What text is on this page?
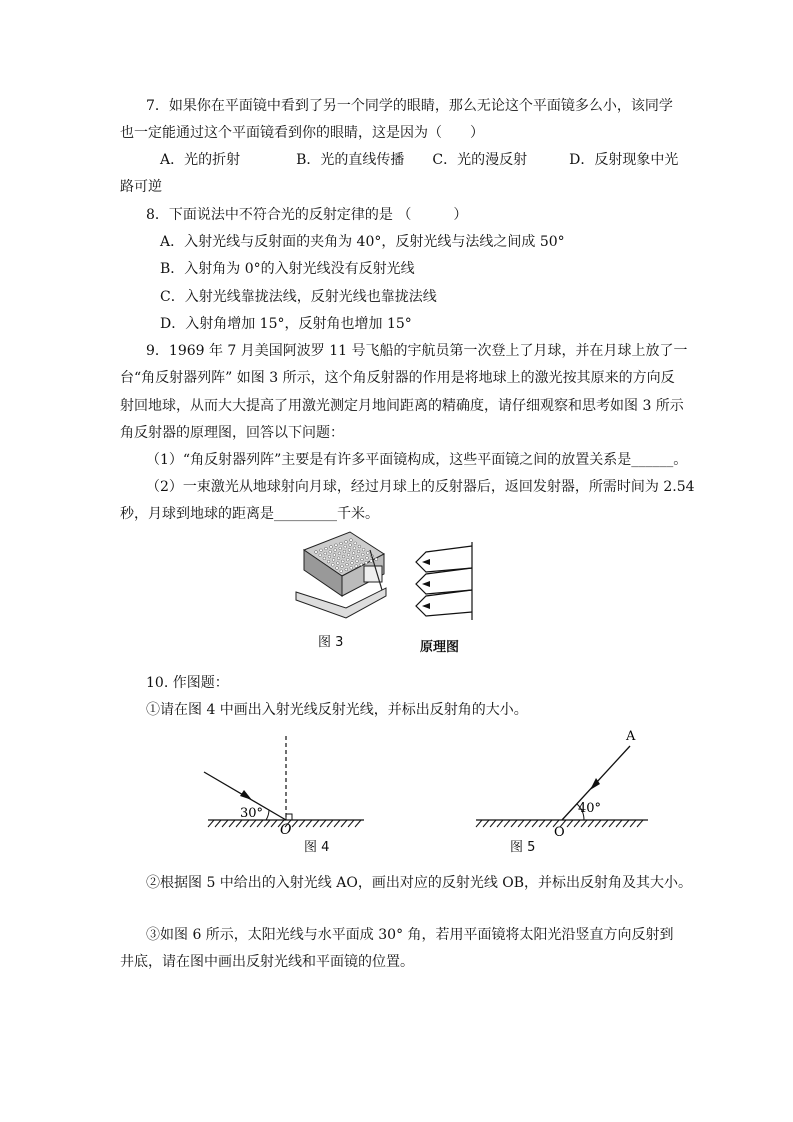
7．如果你在平面镜中看到了另一个同学的眼睛，那么无论这个平面镜多么小，该同学
也一定能通过这个平面镜看到你的眼睛，这是因为（　　）
A．光的折射　　　　B．光的直线传播　　C．光的漫反射　　　D．反射现象中光
路可逆
8．下面说法中不符合光的反射定律的是 （　　　）
A．入射光线与反射面的夹角为 40°，反射光线与法线之间成 50°
B．入射角为 0°的入射光线没有反射光线
C．入射光线靠拢法线，反射光线也靠拢法线
D．入射角增加 15°，反射角也增加 15°
9．1969 年 7 月美国阿波罗 11 号飞船的宇航员第一次登上了月球，并在月球上放了一
台“角反射器列阵” 如图 3 所示，这个角反射器的作用是将地球上的激光按其原来的方向反
射回地球，从而大大提高了用激光测定月地间距离的精确度，请仔细观察和思考如图 3 所示
角反射器的原理图，回答以下问题：
（1）“角反射器列阵”主要是有许多平面镜构成，这些平面镜之间的放置关系是______。
（2）一束激光从地球射向月球，经过月球上的反射器后，返回发射器，所需时间为 2.54
秒，月球到地球的距离是_________千米。
图 3	原理图
10. 作图题：
①请在图 4 中画出入射光线反射光线，并标出反射角的大小。
30°
O
图 4
A
40°
O
图 5
②根据图 5 中给出的入射光线 AO，画出对应的反射光线 OB，并标出反射角及其大小。
③如图 6 所示，太阳光线与水平面成 30° 角，若用平面镜将太阳光沿竖直方向反射到
井底，请在图中画出反射光线和平面镜的位置。
